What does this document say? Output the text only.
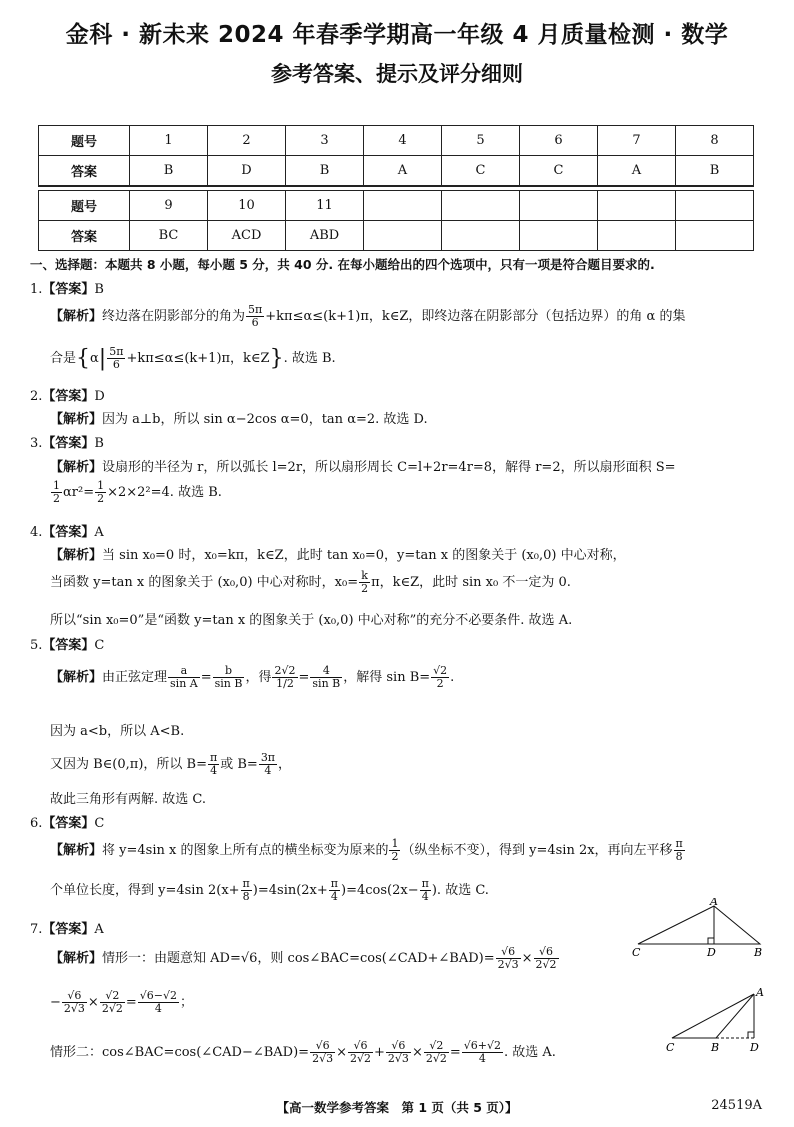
金科 · 新未来 2024 年春季学期高一年级 4 月质量检测 · 数学
参考答案、提示及评分细则
题号	1	2	3	4	5	6	7	8
答案	B	D	B	A	C	C	A	B

题号	9	10	11					
答案	BC	ACD	ABD					
一、选择题：本题共 8 小题，每小题 5 分，共 40 分. 在每小题给出的四个选项中，只有一项是符合题目要求的.
1.【答案】B
【解析】终边落在阴影部分的角为 $\frac{5\pi}{6} +k\pi\le\alpha\le(k+1)\pi$，k∈Z，即终边落在阴影部分（包括边界）的角 α 的集
合是{$\alpha| \frac{5\pi}{6} +k\pi\le\alpha\le(k+1)\pi$，k∈Z}. 故选 B.
2.【答案】D
【解析】因为 a⊥b，所以 sin α−2cos α=0，tan α=2. 故选 D.
3.【答案】B
【解析】设扇形的半径为 r，所以弧长 l=2r，所以扇形周长 C=l+2r=4r=8，解得 r=2，所以扇形面积 S=
$\frac{1}{2} \alpha r^2= \frac{1}{2} \times 2\times 2^2=4$. 故选 B.
4.【答案】A
【解析】当 sin x₀=0 时，x₀=kπ，k∈Z，此时 tan x₀=0，y=tan x 的图象关于 (x₀,0) 中心对称，
当函数 y=tan x 的图象关于 (x₀,0) 中心对称时，$x_0= \frac{k}{2}$ π，k∈Z，此时 sin x₀ 不一定为 0.
所以“sin x₀=0”是“函数 y=tan x 的图象关于 (x₀,0) 中心对称”的充分不必要条件. 故选 A.
5.【答案】C
【解析】由正弦定理 $\frac{a}{\text{sin A}} = \frac{b}{\text{sin B}}$ ，得 $\frac{2√2}{1/2} = \frac{4}{\text{sin B}}$ ，解得 $\sin B= \frac{√2}{2}$ .
因为 a<b，所以 A<B.
又因为 B∈(0,π)，所以 $B= \frac{\pi}{4}$ 或 $B= \frac{3\pi}{4}$ ，
故此三角形有两解. 故选 C.
6.【答案】C
【解析】将 y=4sin x 的图象上所有点的横坐标变为原来的 $\frac{1}{2}$ （纵坐标不变），得到 y=4sin 2x，再向左平移 $\frac{\pi}{8}$
个单位长度，得到 y=4sin $2(x+ \frac{\pi}{8} )=4\sin(2x+ \frac{\pi}{4} )=4\cos(2x- \frac{\pi}{4}$ ). 故选 C.
7.【答案】A
【解析】情形一：由题意知 AD=√6，则 cos∠BAC=cos(∠CAD+∠BAD)= $\frac{√6}{2√3} \times \frac{√6}{2√2}$
− $\frac{√6}{2√3} \times \frac{√2}{2√2} = \frac{√6-√2}{4}$ ；
情形二：cos∠BAC=cos(∠CAD−∠BAD)= $\frac{√6}{2√3} \times \frac{√6}{2√2} + \frac{√6}{2√3} \times \frac{√2}{2√2} = \frac{√6+√2}{4}$ . 故选 A.
A
C	D	B
A
C	B	D
【高一数学参考答案　第 1 页（共 5 页）】	24519A
